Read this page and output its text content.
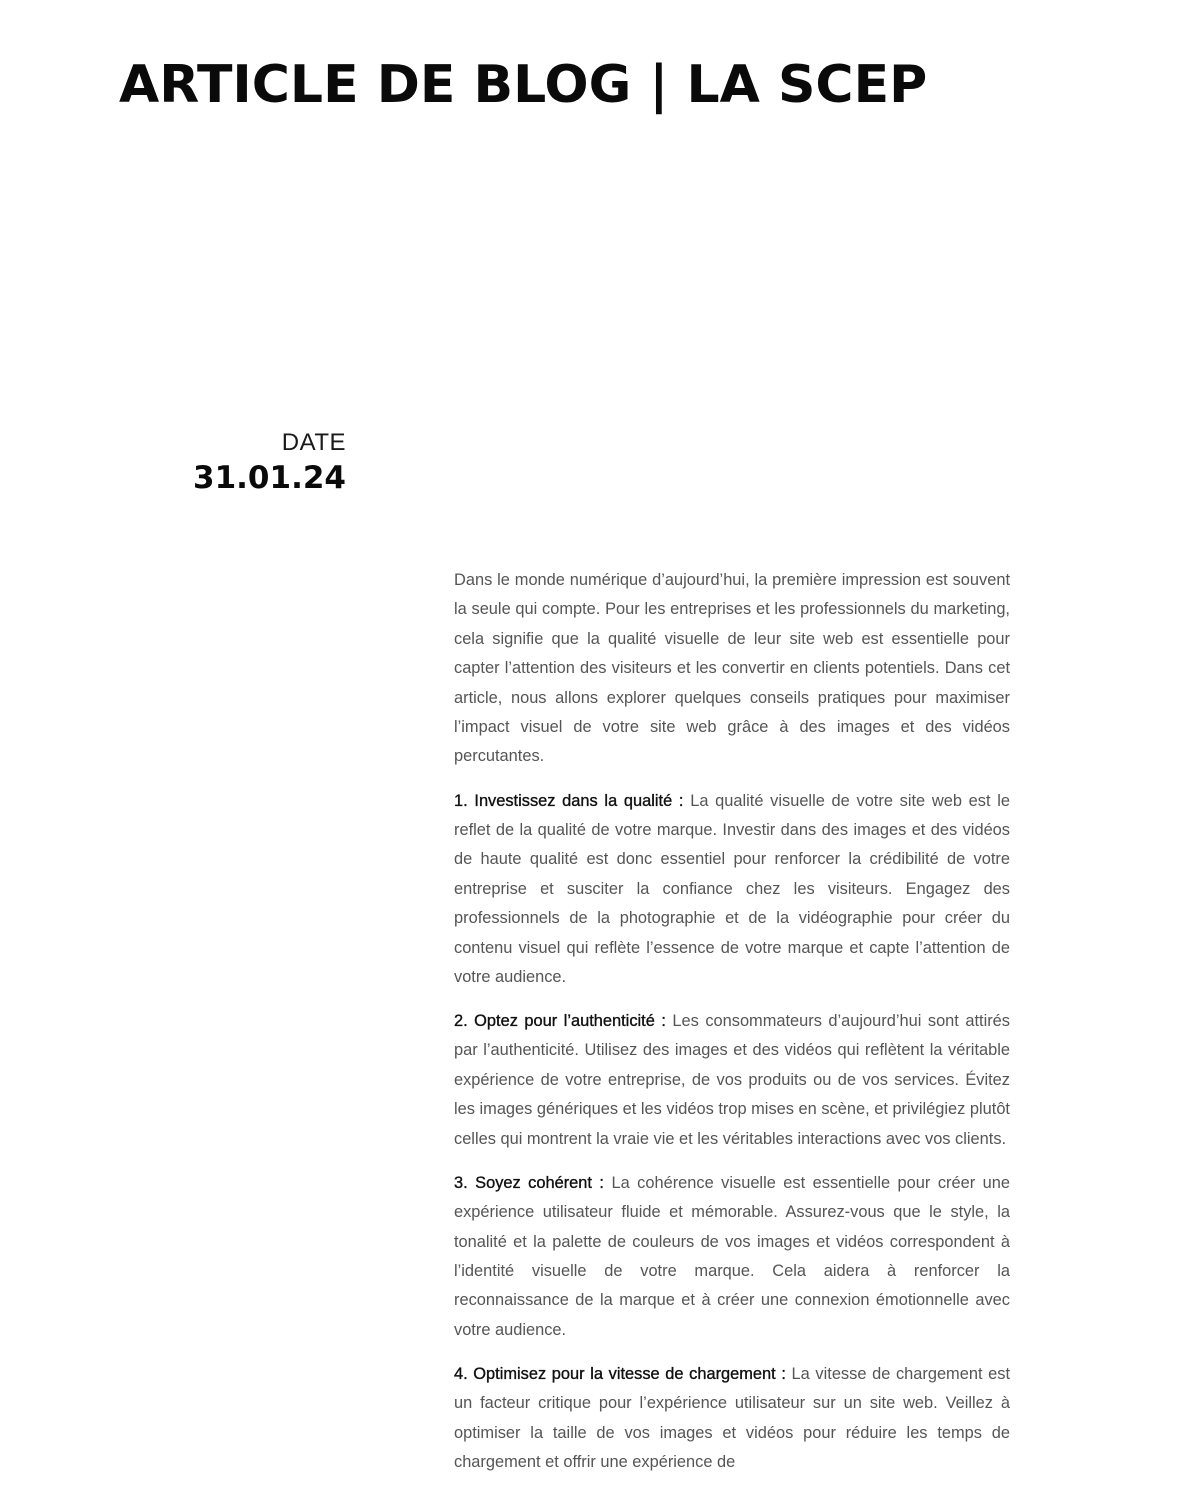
ARTICLE DE BLOG | LA SCEP
DATE
31.01.24

Dans le monde numérique d’aujourd’hui, la première impression est souvent la seule qui compte. Pour les entreprises et les professionnels du marketing, cela signifie que la qualité visuelle de leur site web est essentielle pour capter l’attention des visiteurs et les convertir en clients potentiels. Dans cet article, nous allons explorer quelques conseils pratiques pour maximiser l’impact visuel de votre site web grâce à des images et des vidéos percutantes.

1. Investissez dans la qualité : La qualité visuelle de votre site web est le reflet de la qualité de votre marque. Investir dans des images et des vidéos de haute qualité est donc essentiel pour renforcer la crédibilité de votre entreprise et susciter la confiance chez les visiteurs. Engagez des professionnels de la photographie et de la vidéographie pour créer du contenu visuel qui reflète l’essence de votre marque et capte l’attention de votre audience.

2. Optez pour l’authenticité : Les consommateurs d’aujourd’hui sont attirés par l’authenticité. Utilisez des images et des vidéos qui reflètent la véritable expérience de votre entreprise, de vos produits ou de vos services. Évitez les images génériques et les vidéos trop mises en scène, et privilégiez plutôt celles qui montrent la vraie vie et les véritables interactions avec vos clients.

3. Soyez cohérent : La cohérence visuelle est essentielle pour créer une expérience utilisateur fluide et mémorable. Assurez-vous que le style, la tonalité et la palette de couleurs de vos images et vidéos correspondent à l’identité visuelle de votre marque. Cela aidera à renforcer la reconnaissance de la marque et à créer une connexion émotionnelle avec votre audience.

4. Optimisez pour la vitesse de chargement : La vitesse de chargement est un facteur critique pour l’expérience utilisateur sur un site web. Veillez à optimiser la taille de vos images et vidéos pour réduire les temps de chargement et offrir une expérience de
